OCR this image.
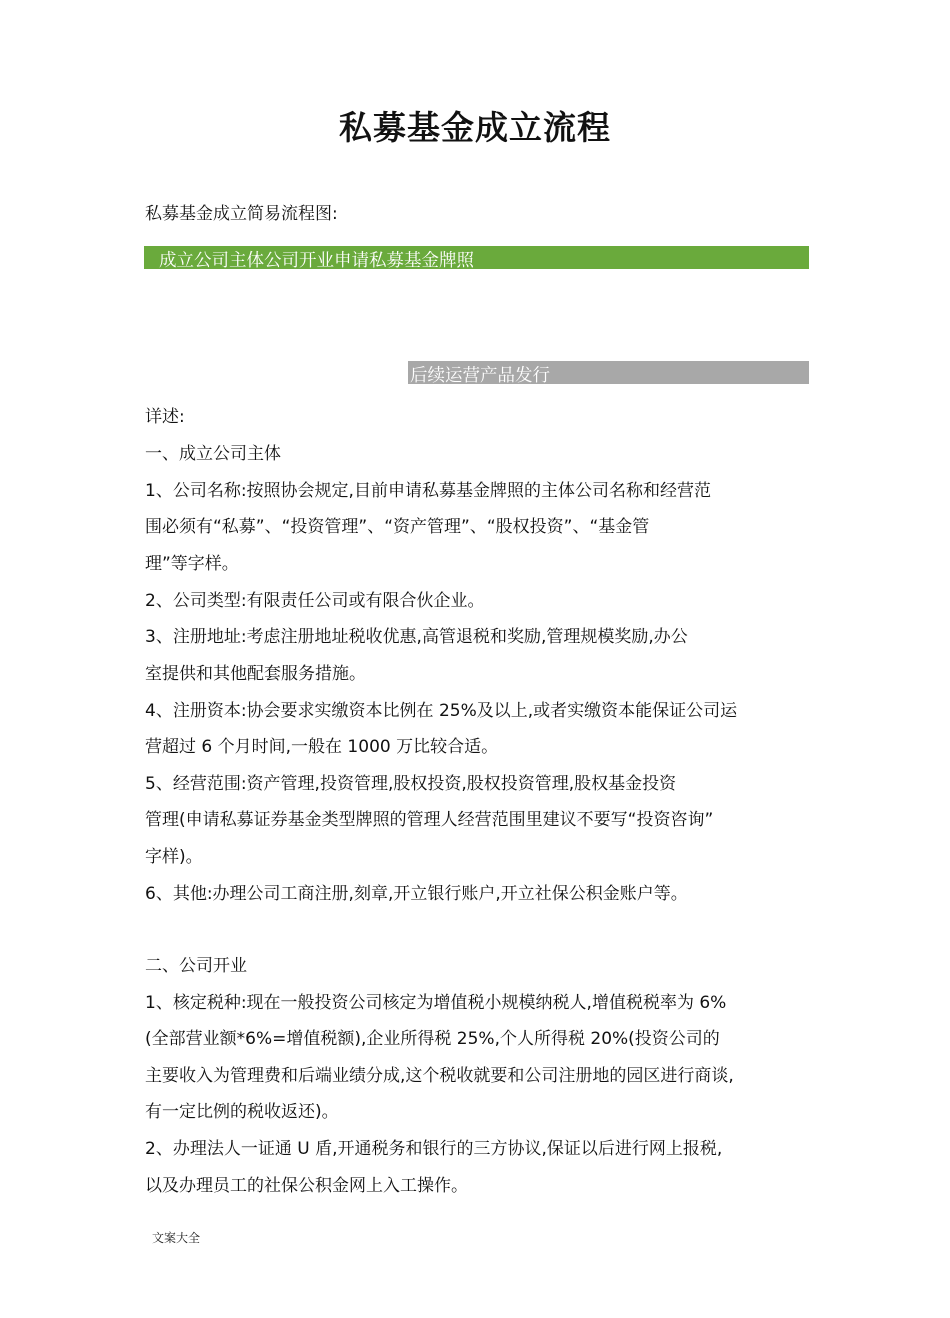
私募基金成立流程
私募基金成立简易流程图:
成立公司主体公司开业申请私募基金牌照
后续运营产品发行
详述:
一、成立公司主体
1、公司名称:按照协会规定,目前申请私募基金牌照的主体公司名称和经营范
围必须有“私募”、“投资管理”、“资产管理”、“股权投资”、“基金管
理”等字样。
2、公司类型:有限责任公司或有限合伙企业。
3、注册地址:考虑注册地址税收优惠,高管退税和奖励,管理规模奖励,办公
室提供和其他配套服务措施。
4、注册资本:协会要求实缴资本比例在 25%及以上,或者实缴资本能保证公司运
营超过 6 个月时间,一般在 1000 万比较合适。
5、经营范围:资产管理,投资管理,股权投资,股权投资管理,股权基金投资
管理(申请私募证券基金类型牌照的管理人经营范围里建议不要写“投资咨询”
字样)。
6、其他:办理公司工商注册,刻章,开立银行账户,开立社保公积金账户等。
二、公司开业
1、核定税种:现在一般投资公司核定为增值税小规模纳税人,增值税税率为 6%
(全部营业额*6%=增值税额),企业所得税 25%,个人所得税 20%(投资公司的
主要收入为管理费和后端业绩分成,这个税收就要和公司注册地的园区进行商谈,
有一定比例的税收返还)。
2、办理法人一证通 U 盾,开通税务和银行的三方协议,保证以后进行网上报税,
以及办理员工的社保公积金网上入工操作。
文案大全
